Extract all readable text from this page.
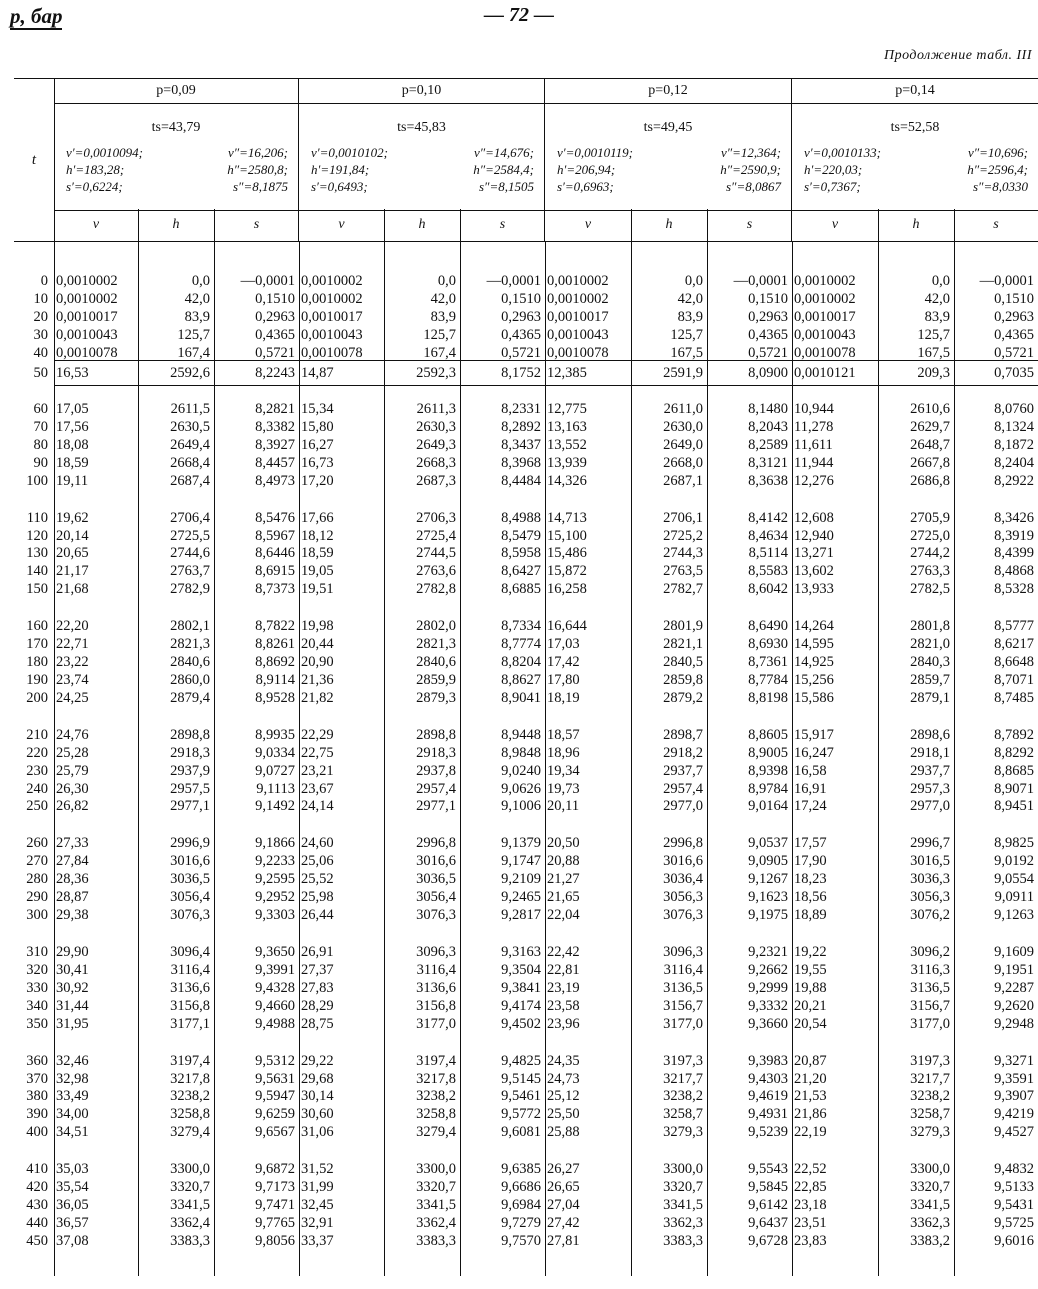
p, бар	— 72 —
Продолжение табл. III
t
p=0,09
ts=43,79
v′=0,0010094;
h′=183,28;
s′=0,6224;
v″=16,206;
h″=2580,8;
s″=8,1875
v	h	s
p=0,10
ts=45,83
v′=0,0010102;
h′=191,84;
s′=0,6493;
v″=14,676;
h″=2584,4;
s″=8,1505
v	h	s
p=0,12
ts=49,45
v′=0,0010119;
h′=206,94;
s′=0,6963;
v″=12,364;
h″=2590,9;
s″=8,0867
v	h	s
p=0,14
ts=52,58
v′=0,0010133;
h′=220,03;
s′=0,7367;
v″=10,696;
h″=2596,4;
s″=8,0330
v	h	s
0 0,0010002	0,0	—0,0001 0,0010002	0,0	—0,0001 0,0010002	0,0	—0,0001 0,0010002	0,0	—0,0001
10 0,0010002	42,0	0,1510 0,0010002	42,0	0,1510 0,0010002	42,0	0,1510 0,0010002	42,0	0,1510
20 0,0010017	83,9	0,2963 0,0010017	83,9	0,2963 0,0010017	83,9	0,2963 0,0010017	83,9	0,2963
30 0,0010043	125,7	0,4365 0,0010043	125,7	0,4365 0,0010043	125,7	0,4365 0,0010043	125,7	0,4365
40 0,0010078	167,4	0,5721 0,0010078	167,4	0,5721 0,0010078	167,5	0,5721 0,0010078	167,5	0,5721
50 16,53	2592,6	8,2243 14,87	2592,3	8,1752 12,385	2591,9	8,0900 0,0010121	209,3	0,7035
60 17,05	2611,5	8,2821 15,34	2611,3	8,2331 12,775	2611,0	8,1480 10,944	2610,6	8,0760
70 17,56	2630,5	8,3382 15,80	2630,3	8,2892 13,163	2630,0	8,2043 11,278	2629,7	8,1324
80 18,08	2649,4	8,3927 16,27	2649,3	8,3437 13,552	2649,0	8,2589 11,611	2648,7	8,1872
90 18,59	2668,4	8,4457 16,73	2668,3	8,3968 13,939	2668,0	8,3121 11,944	2667,8	8,2404
100 19,11	2687,4	8,4973 17,20	2687,3	8,4484 14,326	2687,1	8,3638 12,276	2686,8	8,2922
110 19,62	2706,4	8,5476 17,66	2706,3	8,4988 14,713	2706,1	8,4142 12,608	2705,9	8,3426
120 20,14	2725,5	8,5967 18,12	2725,4	8,5479 15,100	2725,2	8,4634 12,940	2725,0	8,3919
130 20,65	2744,6	8,6446 18,59	2744,5	8,5958 15,486	2744,3	8,5114 13,271	2744,2	8,4399
140 21,17	2763,7	8,6915 19,05	2763,6	8,6427 15,872	2763,5	8,5583 13,602	2763,3	8,4868
150 21,68	2782,9	8,7373 19,51	2782,8	8,6885 16,258	2782,7	8,6042 13,933	2782,5	8,5328
160 22,20	2802,1	8,7822 19,98	2802,0	8,7334 16,644	2801,9	8,6490 14,264	2801,8	8,5777
170 22,71	2821,3	8,8261 20,44	2821,3	8,7774 17,03	2821,1	8,6930 14,595	2821,0	8,6217
180 23,22	2840,6	8,8692 20,90	2840,6	8,8204 17,42	2840,5	8,7361 14,925	2840,3	8,6648
190 23,74	2860,0	8,9114 21,36	2859,9	8,8627 17,80	2859,8	8,7784 15,256	2859,7	8,7071
200 24,25	2879,4	8,9528 21,82	2879,3	8,9041 18,19	2879,2	8,8198 15,586	2879,1	8,7485
210 24,76	2898,8	8,9935 22,29	2898,8	8,9448 18,57	2898,7	8,8605 15,917	2898,6	8,7892
220 25,28	2918,3	9,0334 22,75	2918,3	8,9848 18,96	2918,2	8,9005 16,247	2918,1	8,8292
230 25,79	2937,9	9,0727 23,21	2937,8	9,0240 19,34	2937,7	8,9398 16,58	2937,7	8,8685
240 26,30	2957,5	9,1113 23,67	2957,4	9,0626 19,73	2957,4	8,9784 16,91	2957,3	8,9071
250 26,82	2977,1	9,1492 24,14	2977,1	9,1006 20,11	2977,0	9,0164 17,24	2977,0	8,9451
260 27,33	2996,9	9,1866 24,60	2996,8	9,1379 20,50	2996,8	9,0537 17,57	2996,7	8,9825
270 27,84	3016,6	9,2233 25,06	3016,6	9,1747 20,88	3016,6	9,0905 17,90	3016,5	9,0192
280 28,36	3036,5	9,2595 25,52	3036,5	9,2109 21,27	3036,4	9,1267 18,23	3036,3	9,0554
290 28,87	3056,4	9,2952 25,98	3056,4	9,2465 21,65	3056,3	9,1623 18,56	3056,3	9,0911
300 29,38	3076,3	9,3303 26,44	3076,3	9,2817 22,04	3076,3	9,1975 18,89	3076,2	9,1263
310 29,90	3096,4	9,3650 26,91	3096,3	9,3163 22,42	3096,3	9,2321 19,22	3096,2	9,1609
320 30,41	3116,4	9,3991 27,37	3116,4	9,3504 22,81	3116,4	9,2662 19,55	3116,3	9,1951
330 30,92	3136,6	9,4328 27,83	3136,6	9,3841 23,19	3136,5	9,2999 19,88	3136,5	9,2287
340 31,44	3156,8	9,4660 28,29	3156,8	9,4174 23,58	3156,7	9,3332 20,21	3156,7	9,2620
350 31,95	3177,1	9,4988 28,75	3177,0	9,4502 23,96	3177,0	9,3660 20,54	3177,0	9,2948
360 32,46	3197,4	9,5312 29,22	3197,4	9,4825 24,35	3197,3	9,3983 20,87	3197,3	9,3271
370 32,98	3217,8	9,5631 29,68	3217,8	9,5145 24,73	3217,7	9,4303 21,20	3217,7	9,3591
380 33,49	3238,2	9,5947 30,14	3238,2	9,5461 25,12	3238,2	9,4619 21,53	3238,2	9,3907
390 34,00	3258,8	9,6259 30,60	3258,8	9,5772 25,50	3258,7	9,4931 21,86	3258,7	9,4219
400 34,51	3279,4	9,6567 31,06	3279,4	9,6081 25,88	3279,3	9,5239 22,19	3279,3	9,4527
410 35,03	3300,0	9,6872 31,52	3300,0	9,6385 26,27	3300,0	9,5543 22,52	3300,0	9,4832
420 35,54	3320,7	9,7173 31,99	3320,7	9,6686 26,65	3320,7	9,5845 22,85	3320,7	9,5133
430 36,05	3341,5	9,7471 32,45	3341,5	9,6984 27,04	3341,5	9,6142 23,18	3341,5	9,5431
440 36,57	3362,4	9,7765 32,91	3362,4	9,7279 27,42	3362,3	9,6437 23,51	3362,3	9,5725
450 37,08	3383,3	9,8056 33,37	3383,3	9,7570 27,81	3383,3	9,6728 23,83	3383,2	9,6016
